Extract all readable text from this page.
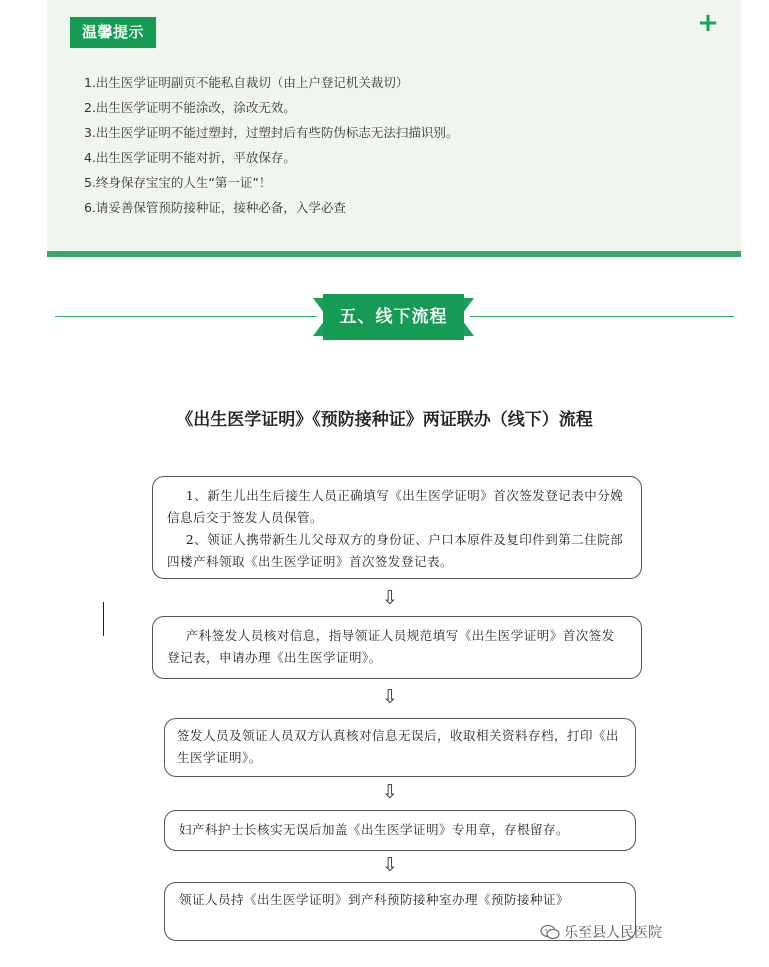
温馨提示	+
1.出生医学证明副页不能私自裁切（由上户登记机关裁切）
2.出生医学证明不能涂改，涂改无效。
3.出生医学证明不能过塑封，过塑封后有些防伪标志无法扫描识别。
4.出生医学证明不能对折，平放保存。
5.终身保存宝宝的人生“第一证”！
6.请妥善保管预防接种证，接种必备，入学必查
五、线下流程
《出生医学证明》《预防接种证》两证联办（线下）流程

1、新生儿出生后接生人员正确填写《出生医学证明》首次签发登记表中分娩信息后交于签发人员保管。

2、领证人携带新生儿父母双方的身份证、户口本原件及复印件到第二住院部四楼产科领取《出生医学证明》首次签发登记表。

⇩

产科签发人员核对信息，指导领证人员规范填写《出生医学证明》首次签发登记表，申请办理《出生医学证明》。

⇩

签发人员及领证人员双方认真核对信息无误后，收取相关资料存档，打印《出生医学证明》。

⇩

妇产科护士长核实无误后加盖《出生医学证明》专用章，存根留存。

⇩

领证人员持《出生医学证明》到产科预防接种室办理《预防接种证》

乐至县人民医院
